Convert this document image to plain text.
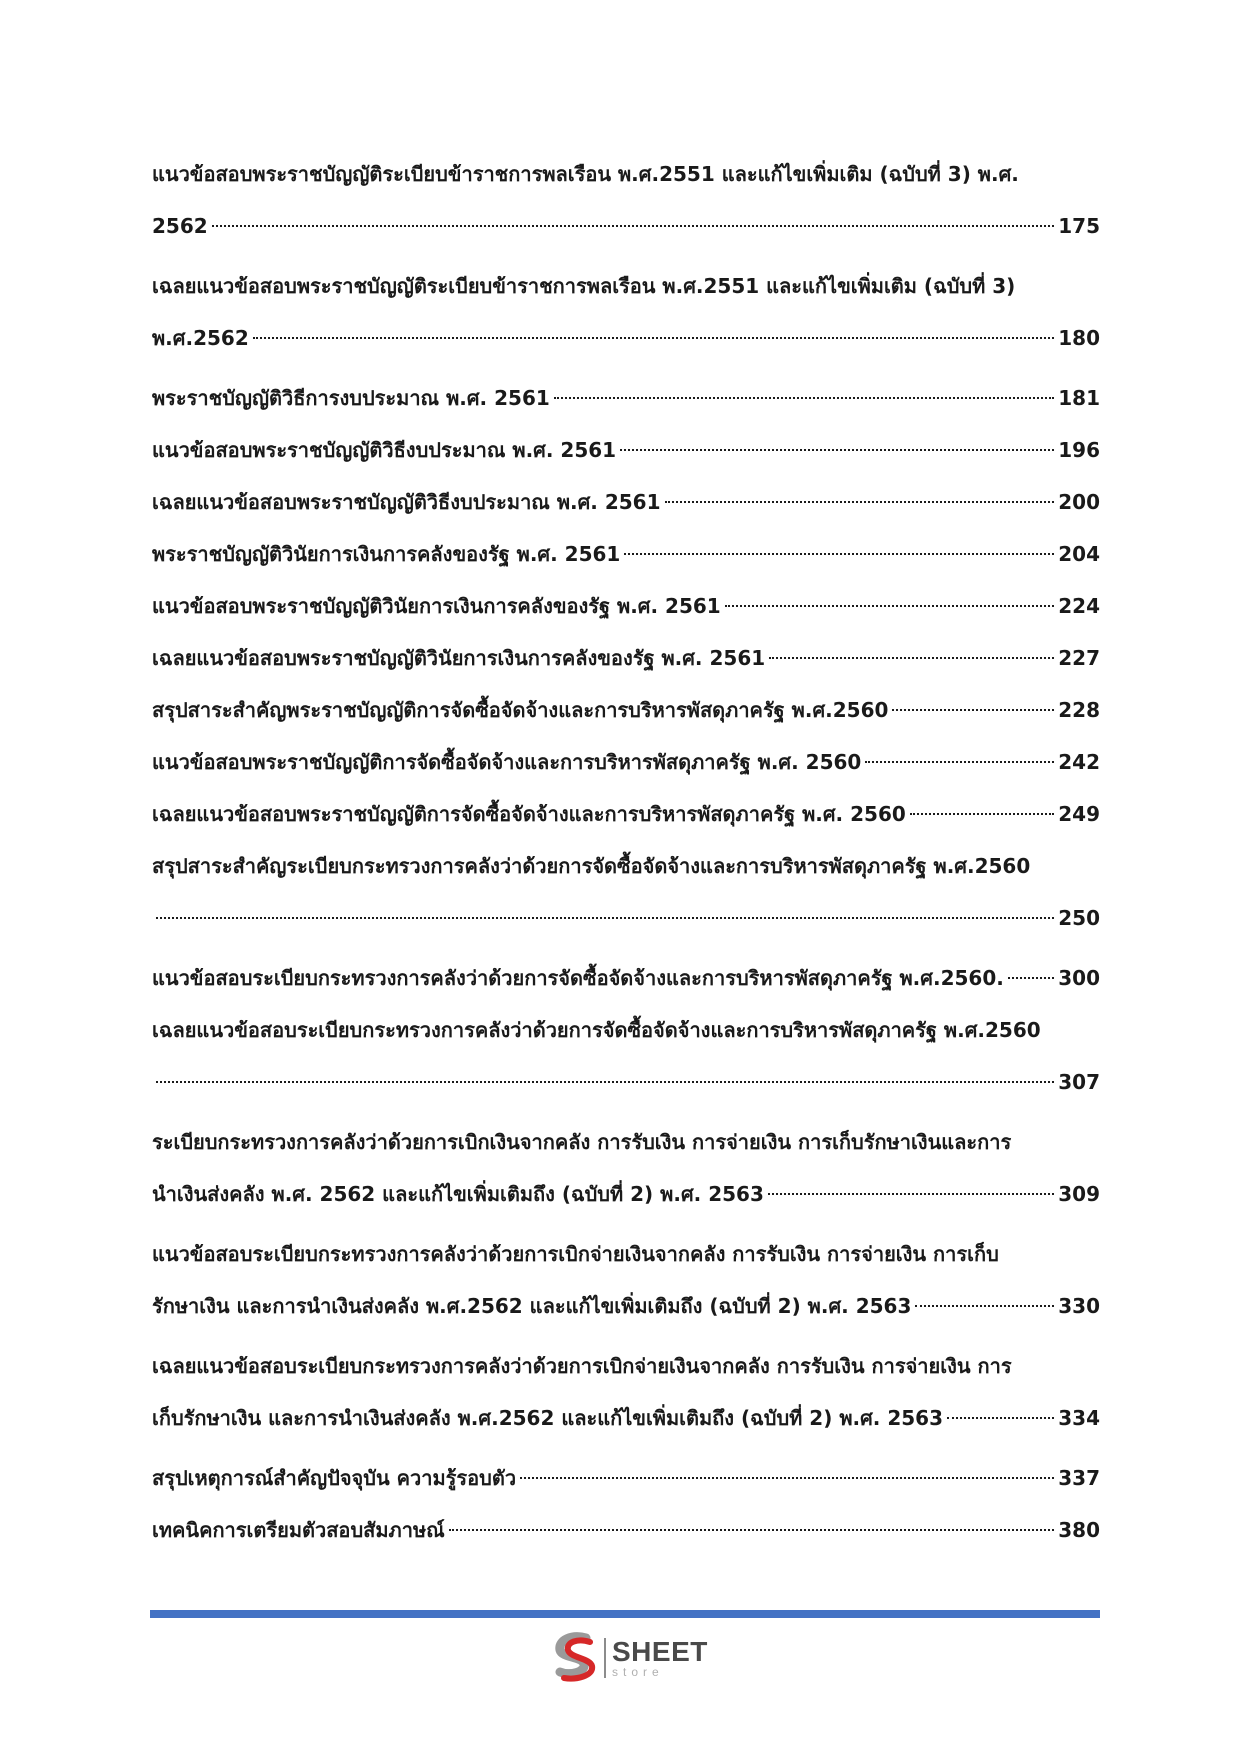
แนวข้อสอบพระราชบัญญัติระเบียบข้าราชการพลเรือน พ.ศ.2551 และแก้ไขเพิ่มเติม (ฉบับที่ 3) พ.ศ.
2562	175
เฉลยแนวข้อสอบพระราชบัญญัติระเบียบข้าราชการพลเรือน พ.ศ.2551 และแก้ไขเพิ่มเติม (ฉบับที่ 3)
พ.ศ.2562	180
พระราชบัญญัติวิธีการงบประมาณ พ.ศ. 2561	181
แนวข้อสอบพระราชบัญญัติวิธีงบประมาณ พ.ศ. 2561	196
เฉลยแนวข้อสอบพระราชบัญญัติวิธีงบประมาณ พ.ศ. 2561	200
พระราชบัญญัติวินัยการเงินการคลังของรัฐ พ.ศ. 2561	204
แนวข้อสอบพระราชบัญญัติวินัยการเงินการคลังของรัฐ พ.ศ. 2561	224
เฉลยแนวข้อสอบพระราชบัญญัติวินัยการเงินการคลังของรัฐ พ.ศ. 2561	227
สรุปสาระสำคัญพระราชบัญญัติการจัดซื้อจัดจ้างและการบริหารพัสดุภาครัฐ พ.ศ.2560	228
แนวข้อสอบพระราชบัญญัติการจัดซื้อจัดจ้างและการบริหารพัสดุภาครัฐ พ.ศ. 2560	242
เฉลยแนวข้อสอบพระราชบัญญัติการจัดซื้อจัดจ้างและการบริหารพัสดุภาครัฐ พ.ศ. 2560	249
สรุปสาระสำคัญระเบียบกระทรวงการคลังว่าด้วยการจัดซื้อจัดจ้างและการบริหารพัสดุภาครัฐ พ.ศ.2560
250
แนวข้อสอบระเบียบกระทรวงการคลังว่าด้วยการจัดซื้อจัดจ้างและการบริหารพัสดุภาครัฐ พ.ศ.2560.	300
เฉลยแนวข้อสอบระเบียบกระทรวงการคลังว่าด้วยการจัดซื้อจัดจ้างและการบริหารพัสดุภาครัฐ พ.ศ.2560
307
ระเบียบกระทรวงการคลังว่าด้วยการเบิกเงินจากคลัง การรับเงิน การจ่ายเงิน การเก็บรักษาเงินและการ
นำเงินส่งคลัง พ.ศ. 2562 และแก้ไขเพิ่มเติมถึง (ฉบับที่ 2) พ.ศ. 2563	309
แนวข้อสอบระเบียบกระทรวงการคลังว่าด้วยการเบิกจ่ายเงินจากคลัง การรับเงิน การจ่ายเงิน การเก็บ
รักษาเงิน และการนำเงินส่งคลัง พ.ศ.2562 และแก้ไขเพิ่มเติมถึง (ฉบับที่ 2) พ.ศ. 2563	330
เฉลยแนวข้อสอบระเบียบกระทรวงการคลังว่าด้วยการเบิกจ่ายเงินจากคลัง การรับเงิน การจ่ายเงิน การ
เก็บรักษาเงิน และการนำเงินส่งคลัง พ.ศ.2562 และแก้ไขเพิ่มเติมถึง (ฉบับที่ 2) พ.ศ. 2563	334
สรุปเหตุการณ์สำคัญปัจจุบัน ความรู้รอบตัว	337
เทคนิคการเตรียมตัวสอบสัมภาษณ์	380
SHEET
store
